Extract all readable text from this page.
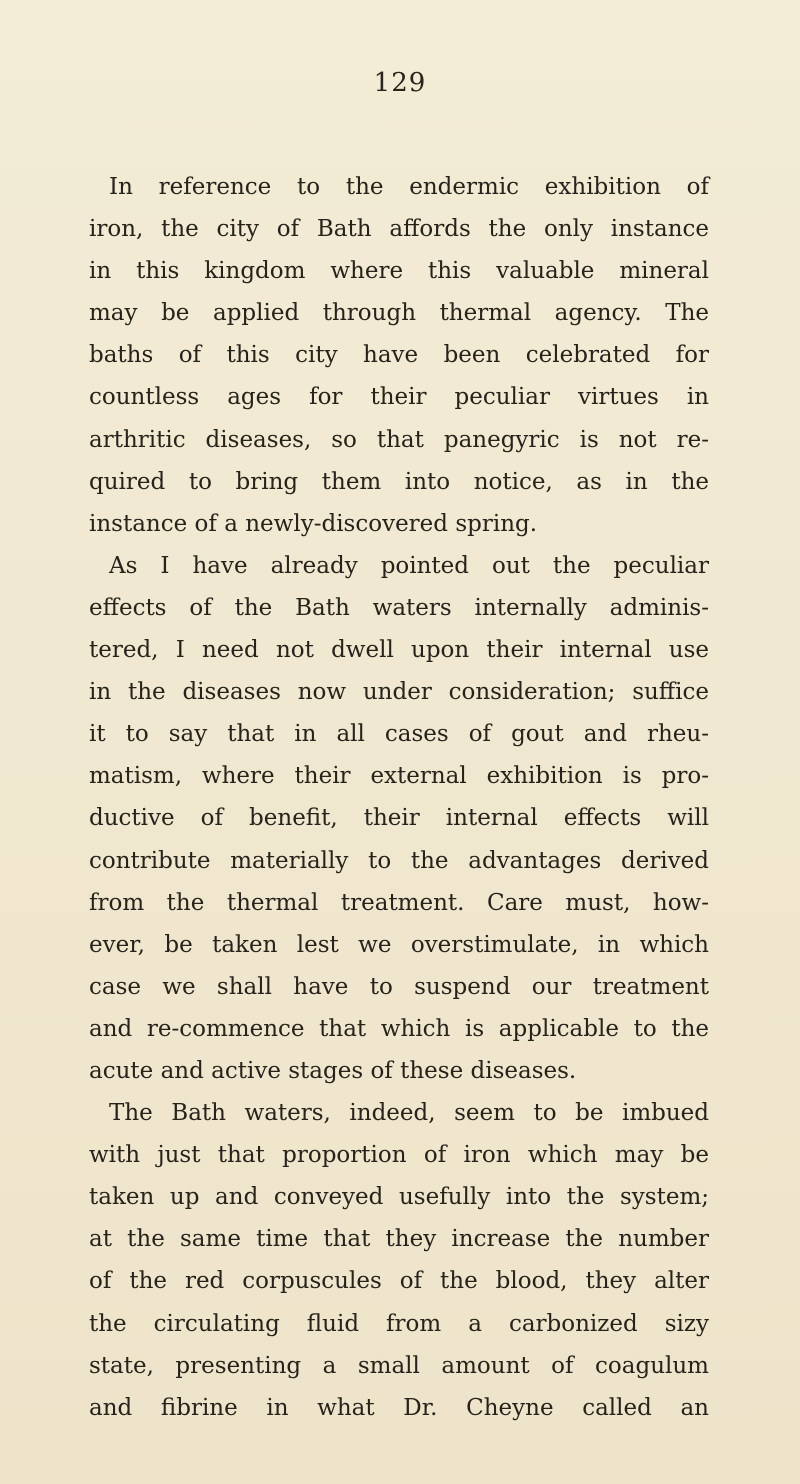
129
In reference to the endermic exhibition of
iron, the city of Bath affords the only instance
in this kingdom where this valuable mineral
may be applied through thermal agency. The
baths of this city have been celebrated for
countless ages for their peculiar virtues in
arthritic diseases, so that panegyric is not re-
quired to bring them into notice, as in the
instance of a newly-discovered spring.
As I have already pointed out the peculiar
effects of the Bath waters internally adminis-
tered, I need not dwell upon their internal use
in the diseases now under consideration; suffice
it to say that in all cases of gout and rheu-
matism, where their external exhibition is pro-
ductive of benefit, their internal effects will
contribute materially to the advantages derived
from the thermal treatment. Care must, how-
ever, be taken lest we overstimulate, in which
case we shall have to suspend our treatment
and re-commence that which is applicable to the
acute and active stages of these diseases.
The Bath waters, indeed, seem to be imbued
with just that proportion of iron which may be
taken up and conveyed usefully into the system;
at the same time that they increase the number
of the red corpuscules of the blood, they alter
the circulating fluid from a carbonized sizy
state, presenting a small amount of coagulum
and fibrine in what Dr. Cheyne called an
